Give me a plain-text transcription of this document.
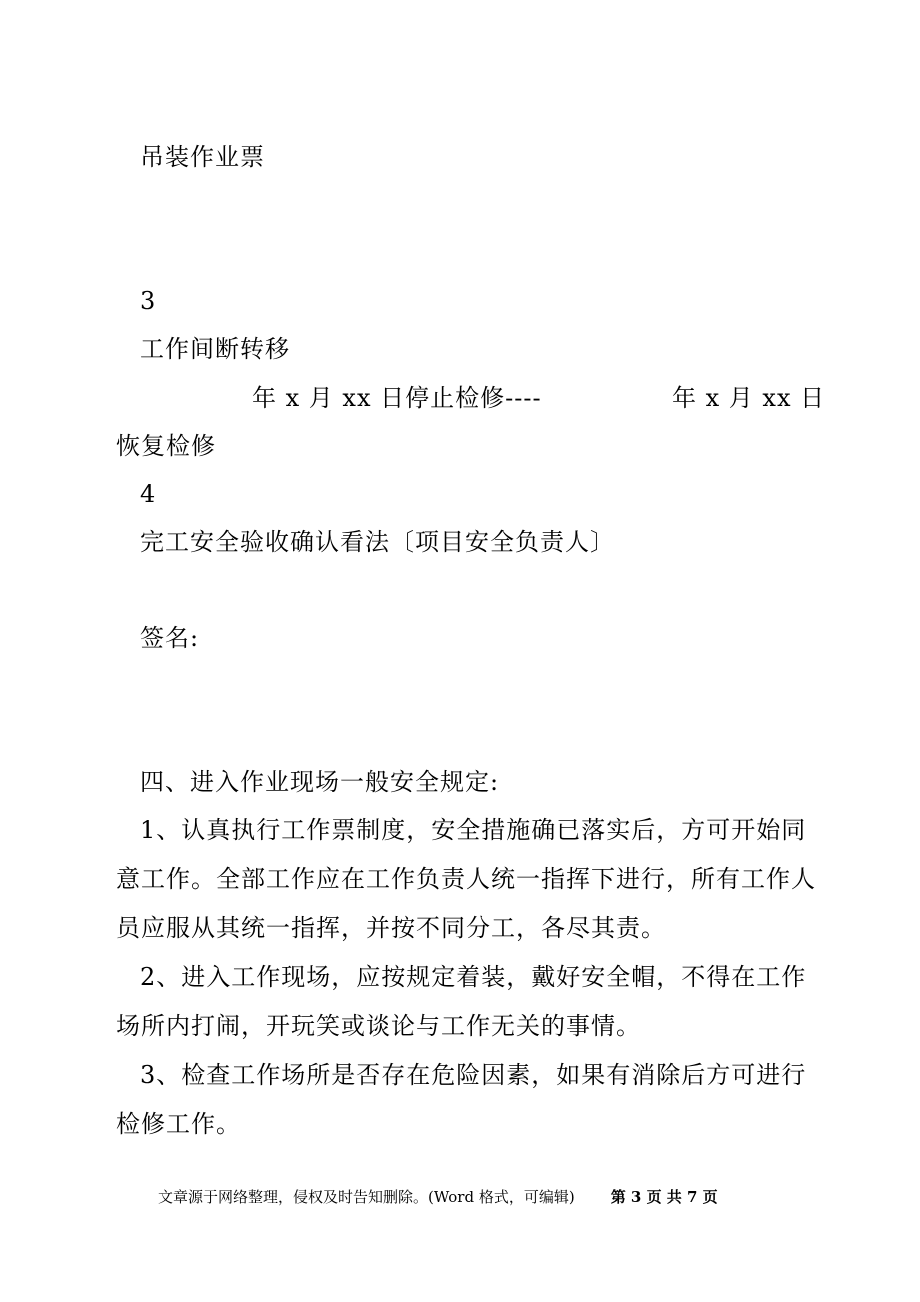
吊装作业票
3
工作间断转移
年 x 月 xx 日停止检修----	年 x 月 xx 日
恢复检修
4
完工安全验收确认看法〔项目安全负责人〕
签名:
四、进入作业现场一般安全规定:
1、认真执行工作票制度，安全措施确已落实后，方可开始同意工作。全部工作应在工作负责人统一指挥下进行，所有工作人员应服从其统一指挥，并按不同分工，各尽其责。
2、进入工作现场，应按规定着装，戴好安全帽，不得在工作场所内打闹，开玩笑或谈论与工作无关的事情。
3、检查工作场所是否存在危险因素，如果有消除后方可进行检修工作。
文章源于网络整理，侵权及时告知删除。(Word 格式，可编辑) 第 3 页 共 7 页
